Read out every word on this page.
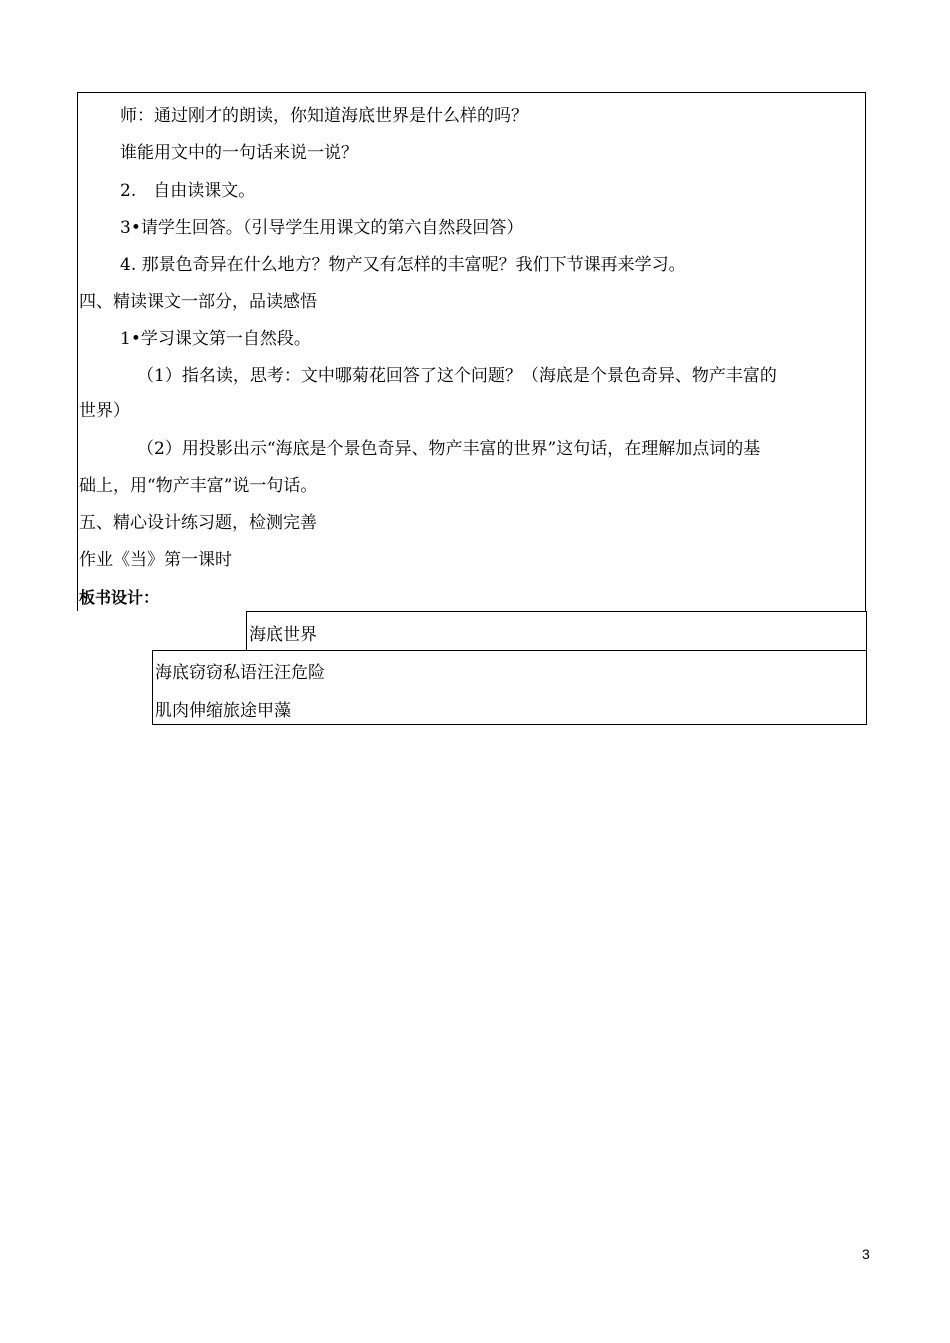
师：通过刚才的朗读，你知道海底世界是什么样的吗？
谁能用文中的一句话来说一说？
2.　自由读课文。
3•请学生回答。（引导学生用课文的第六自然段回答）
4. 那景色奇异在什么地方？物产又有怎样的丰富呢？我们下节课再来学习。
四、精读课文一部分，品读感悟
1•学习课文第一自然段。
（1）指名读，思考：文中哪菊花回答了这个问题？（海底是个景色奇异、物产丰富的
世界）
（2）用投影出示“海底是个景色奇异、物产丰富的世界”这句话，在理解加点词的基
础上，用“物产丰富”说一句话。
五、精心设计练习题，检测完善
作业《当》第一课时
板书设计：
海底世界
海底窃窃私语汪汪危险
肌肉伸缩旅途甲藻
3
